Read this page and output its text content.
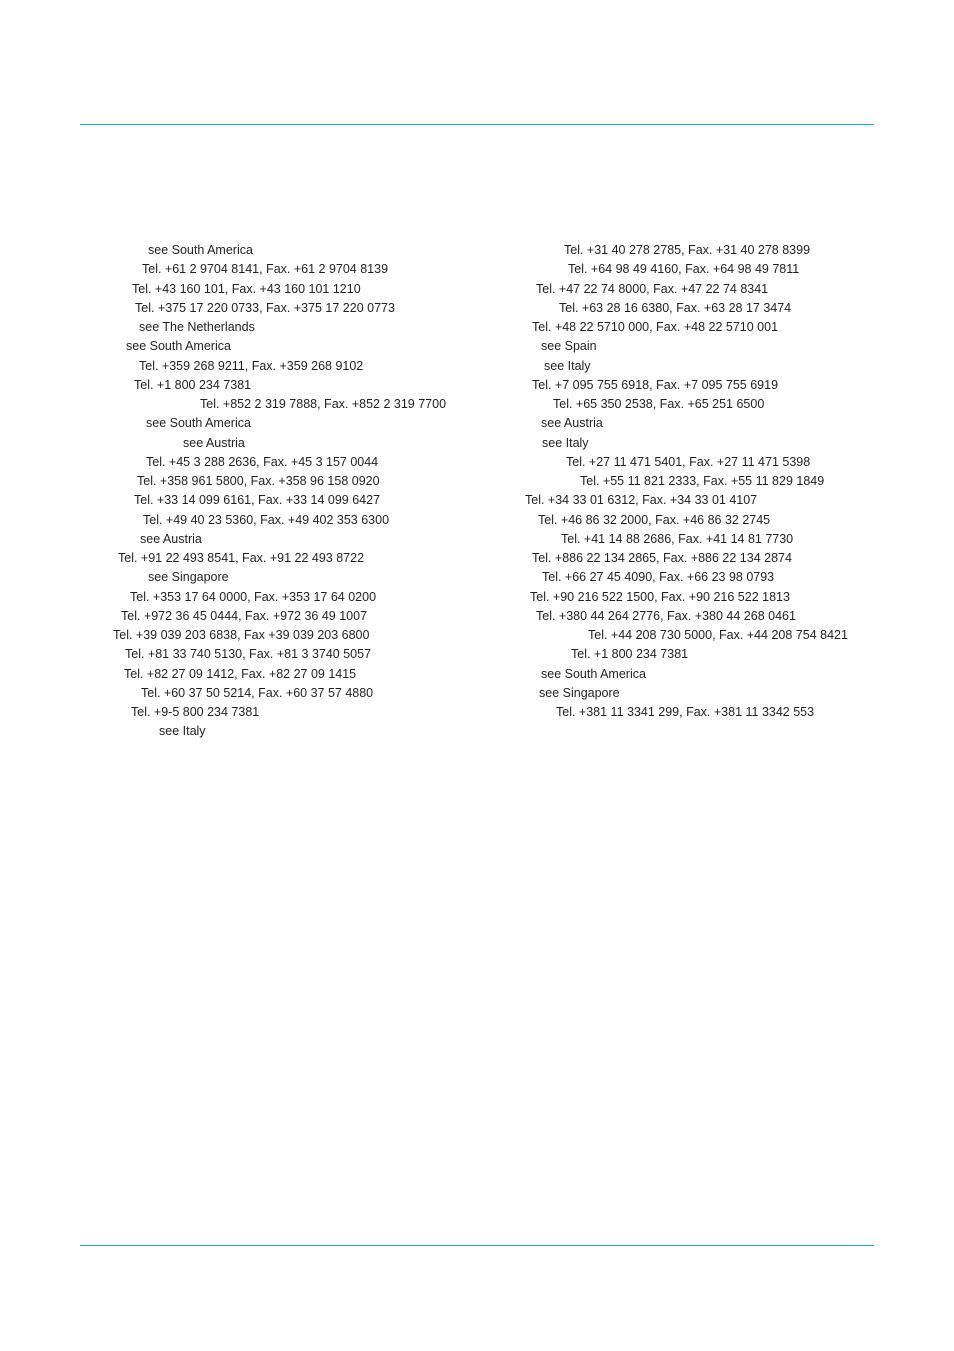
see South America
Tel. +61 2 9704 8141, Fax. +61 2 9704 8139
Tel. +43 160 101, Fax. +43 160 101 1210
Tel. +375 17 220 0733, Fax. +375 17 220 0773
see The Netherlands
see South America
Tel. +359 268 9211, Fax. +359 268 9102
Tel. +1 800 234 7381
Tel. +852 2 319 7888, Fax. +852 2 319 7700
see South America
see Austria
Tel. +45 3 288 2636, Fax. +45 3 157 0044
Tel. +358 961 5800, Fax. +358 96 158 0920
Tel. +33 14 099 6161, Fax. +33 14 099 6427
Tel. +49 40 23 5360, Fax. +49 402 353 6300
see Austria
Tel. +91 22 493 8541, Fax. +91 22 493 8722
see Singapore
Tel. +353 17 64 0000, Fax. +353 17 64 0200
Tel. +972 36 45 0444, Fax. +972 36 49 1007
Tel. +39 039 203 6838, Fax +39 039 203 6800
Tel. +81 33 740 5130, Fax. +81 3 3740 5057
Tel. +82 27 09 1412, Fax. +82 27 09 1415
Tel. +60 37 50 5214, Fax. +60 37 57 4880
Tel. +9-5 800 234 7381
see Italy
Tel. +31 40 278 2785, Fax. +31 40 278 8399
Tel. +64 98 49 4160, Fax. +64 98 49 7811
Tel. +47 22 74 8000, Fax. +47 22 74 8341
Tel. +63 28 16 6380, Fax. +63 28 17 3474
Tel. +48 22 5710 000, Fax. +48 22 5710 001
see Spain
see Italy
Tel. +7 095 755 6918, Fax. +7 095 755 6919
Tel. +65 350 2538, Fax. +65 251 6500
see Austria
see Italy
Tel. +27 11 471 5401, Fax. +27 11 471 5398
Tel. +55 11 821 2333, Fax. +55 11 829 1849
Tel. +34 33 01 6312, Fax. +34 33 01 4107
Tel. +46 86 32 2000, Fax. +46 86 32 2745
Tel. +41 14 88 2686, Fax. +41 14 81 7730
Tel. +886 22 134 2865, Fax. +886 22 134 2874
Tel. +66 27 45 4090, Fax. +66 23 98 0793
Tel. +90 216 522 1500, Fax. +90 216 522 1813
Tel. +380 44 264 2776, Fax. +380 44 268 0461
Tel. +44 208 730 5000, Fax. +44 208 754 8421
Tel. +1 800 234 7381
see South America
see Singapore
Tel. +381 11 3341 299, Fax. +381 11 3342 553
